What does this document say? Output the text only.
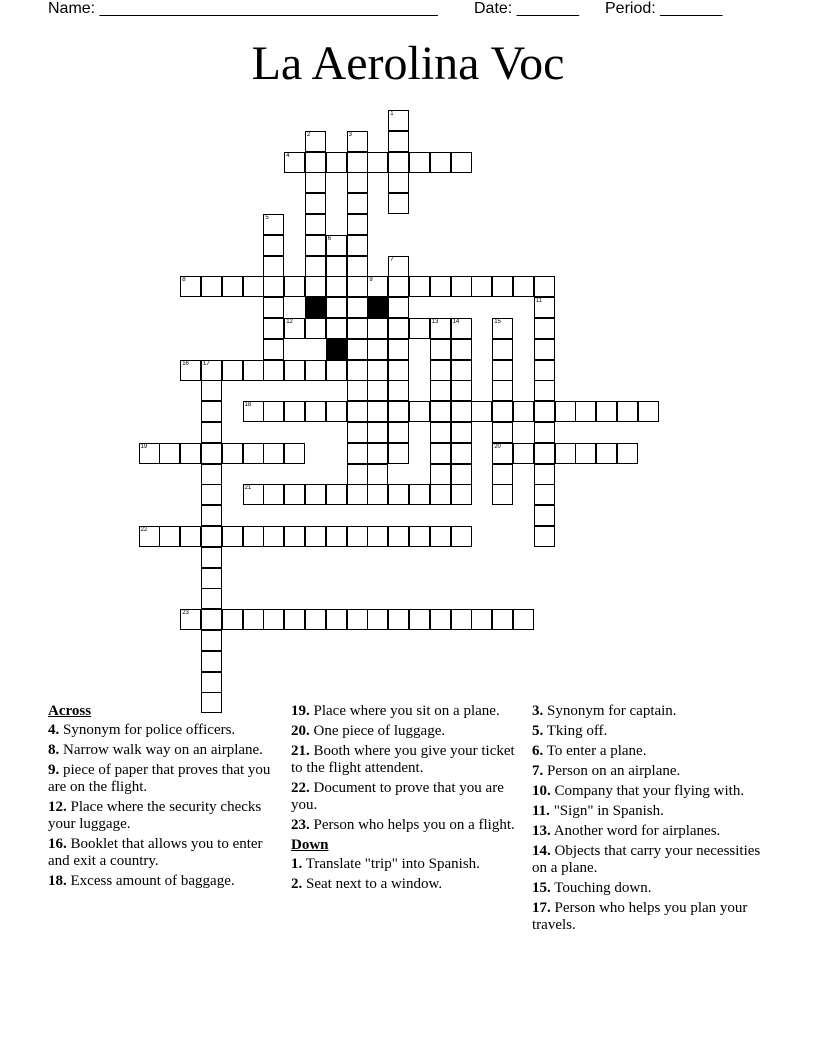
Name: ______________________________________ Date: _______ Period: _______
La Aerolina Voc
1
2	3
4
5
6
7
8	9
11
12	13 14	15
20
16 17
18
19
21
22
23
Across
4. Synonym for police officers.
8. Narrow walk way on an airplane.
9. piece of paper that proves that you are on the flight.
12. Place where the security checks your luggage.
16. Booklet that allows you to enter and exit a country.
18. Excess amount of baggage.
19. Place where you sit on a plane.
20. One piece of luggage.
21. Booth where you give your ticket to the flight attendent.
22. Document to prove that you are you.
23. Person who helps you on a flight.
Down
1. Translate "trip" into Spanish.
2. Seat next to a window.
3. Synonym for captain.
5. Tking off.
6. To enter a plane.
7. Person on an airplane.
10. Company that your flying with.
11. "Sign" in Spanish.
13. Another word for airplanes.
14. Objects that carry your necessities on a plane.
15. Touching down.
17. Person who helps you plan your travels.
